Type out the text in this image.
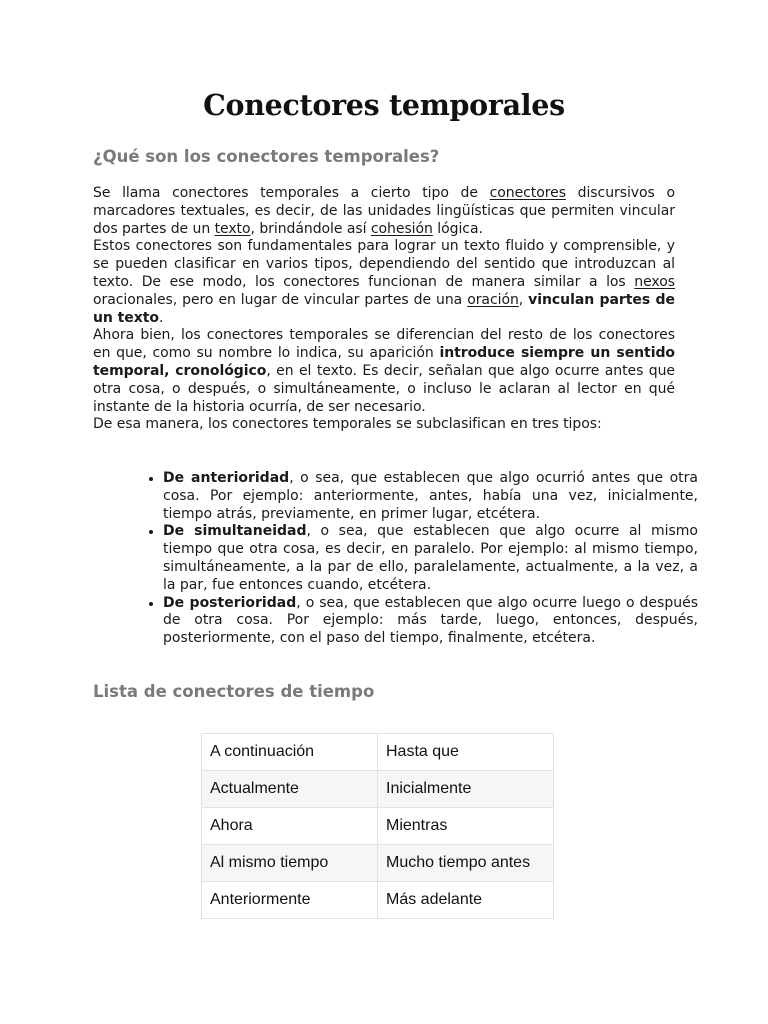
Conectores temporales
¿Qué son los conectores temporales?

Se llama conectores temporales a cierto tipo de conectores discursivos o marcadores textuales, es decir, de las unidades lingüísticas que permiten vincular dos partes de un texto, brindándole así cohesión lógica.

Estos conectores son fundamentales para lograr un texto fluido y comprensible, y se pueden clasificar en varios tipos, dependiendo del sentido que introduzcan al texto. De ese modo, los conectores funcionan de manera similar a los nexos oracionales, pero en lugar de vincular partes de una oración, vinculan partes de un texto.

Ahora bien, los conectores temporales se diferencian del resto de los conectores en que, como su nombre lo indica, su aparición introduce siempre un sentido temporal, cronológico, en el texto. Es decir, señalan que algo ocurre antes que otra cosa, o después, o simultáneamente, o incluso le aclaran al lector en qué instante de la historia ocurría, de ser necesario.

De esa manera, los conectores temporales se subclasifican en tres tipos:

• De anterioridad, o sea, que establecen que algo ocurrió antes que otra cosa. Por ejemplo: anteriormente, antes, había una vez, inicialmente, tiempo atrás, previamente, en primer lugar, etcétera.
• De simultaneidad, o sea, que establecen que algo ocurre al mismo tiempo que otra cosa, es decir, en paralelo. Por ejemplo: al mismo tiempo, simultáneamente, a la par de ello, paralelamente, actualmente, a la vez, a la par, fue entonces cuando, etcétera.
• De posterioridad, o sea, que establecen que algo ocurre luego o después de otra cosa. Por ejemplo: más tarde, luego, entonces, después, posteriormente, con el paso del tiempo, finalmente, etcétera.
Lista de conectores de tiempo
A continuación	Hasta que
Actualmente	Inicialmente
Ahora	Mientras
Al mismo tiempo	Mucho tiempo antes
Anteriormente	Más adelante
